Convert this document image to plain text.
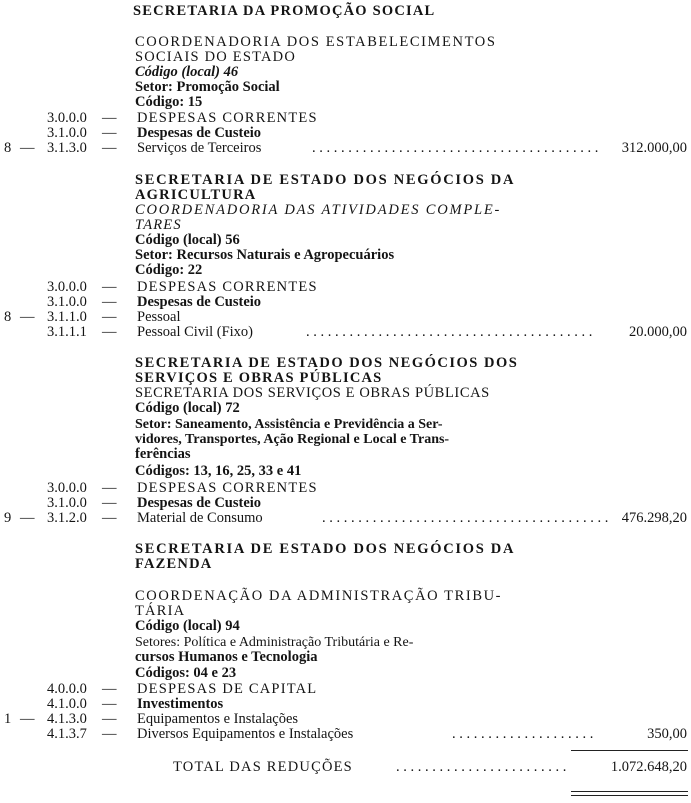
SECRETARIA DA PROMOÇÃO SOCIAL
COORDENADORIA DOS ESTABELECIMENTOS
SOCIAIS DO ESTADO
Código (local) 46
Setor: Promoção Social
Código: 15
3.0.0.0	— DESPESAS CORRENTES
3.1.0.0	— Despesas de Custeio
8 — 3.1.3.0	— Serviços de Terceiros	. . . . . . . . . . . . . . . . . . . . . . . . . . . . . . . . . . . . . . . . 312.000,00
SECRETARIA DE ESTADO DOS NEGÓCIOS DA
AGRICULTURA
COORDENADORIA DAS ATIVIDADES COMPLE-
TARES
Código (local) 56
Setor: Recursos Naturais e Agropecuários
Código: 22
3.0.0.0	— DESPESAS CORRENTES
3.1.0.0	— Despesas de Custeio
8 — 3.1.1.0	— Pessoal
3.1.1.1	— Pessoal Civil (Fixo)	. . . . . . . . . . . . . . . . . . . . . . . . . . . . . . . . . . . . . . . .	20.000,00
SECRETARIA DE ESTADO DOS NEGÓCIOS DOS
SERVIÇOS E OBRAS PÚBLICAS
SECRETARIA DOS SERVIÇOS E OBRAS PÚBLICAS
Código (local) 72
Setor: Saneamento, Assistência e Previdência a Ser-
vidores, Transportes, Ação Regional e Local e Trans-
ferências
Códigos: 13, 16, 25, 33 e 41
3.0.0.0	— DESPESAS CORRENTES
3.1.0.0	— Despesas de Custeio
9 — 3.1.2.0	— Material de Consumo	. . . . . . . . . . . . . . . . . . . . . . . . . . . . . . . . . . . . . . . . 476.298,20
SECRETARIA DE ESTADO DOS NEGÓCIOS DA
FAZENDA
COORDENAÇÃO DA ADMINISTRAÇÃO TRIBU-
TÁRIA
Código (local) 94
Setores: Política e Administração Tributária e Re-
cursos Humanos e Tecnologia
Códigos: 04 e 23
4.0.0.0	— DESPESAS DE CAPITAL
4.1.0.0	— Investimentos
1 — 4.1.3.0	— Equipamentos e Instalações
4.1.3.7	— Diversos Equipamentos e Instalações	. . . . . . . . . . . . . . . . . . . .	350,00
TOTAL DAS REDUÇÕES	. . . . . . . . . . . . . . . . . . . . . . . .	1.072.648,20
